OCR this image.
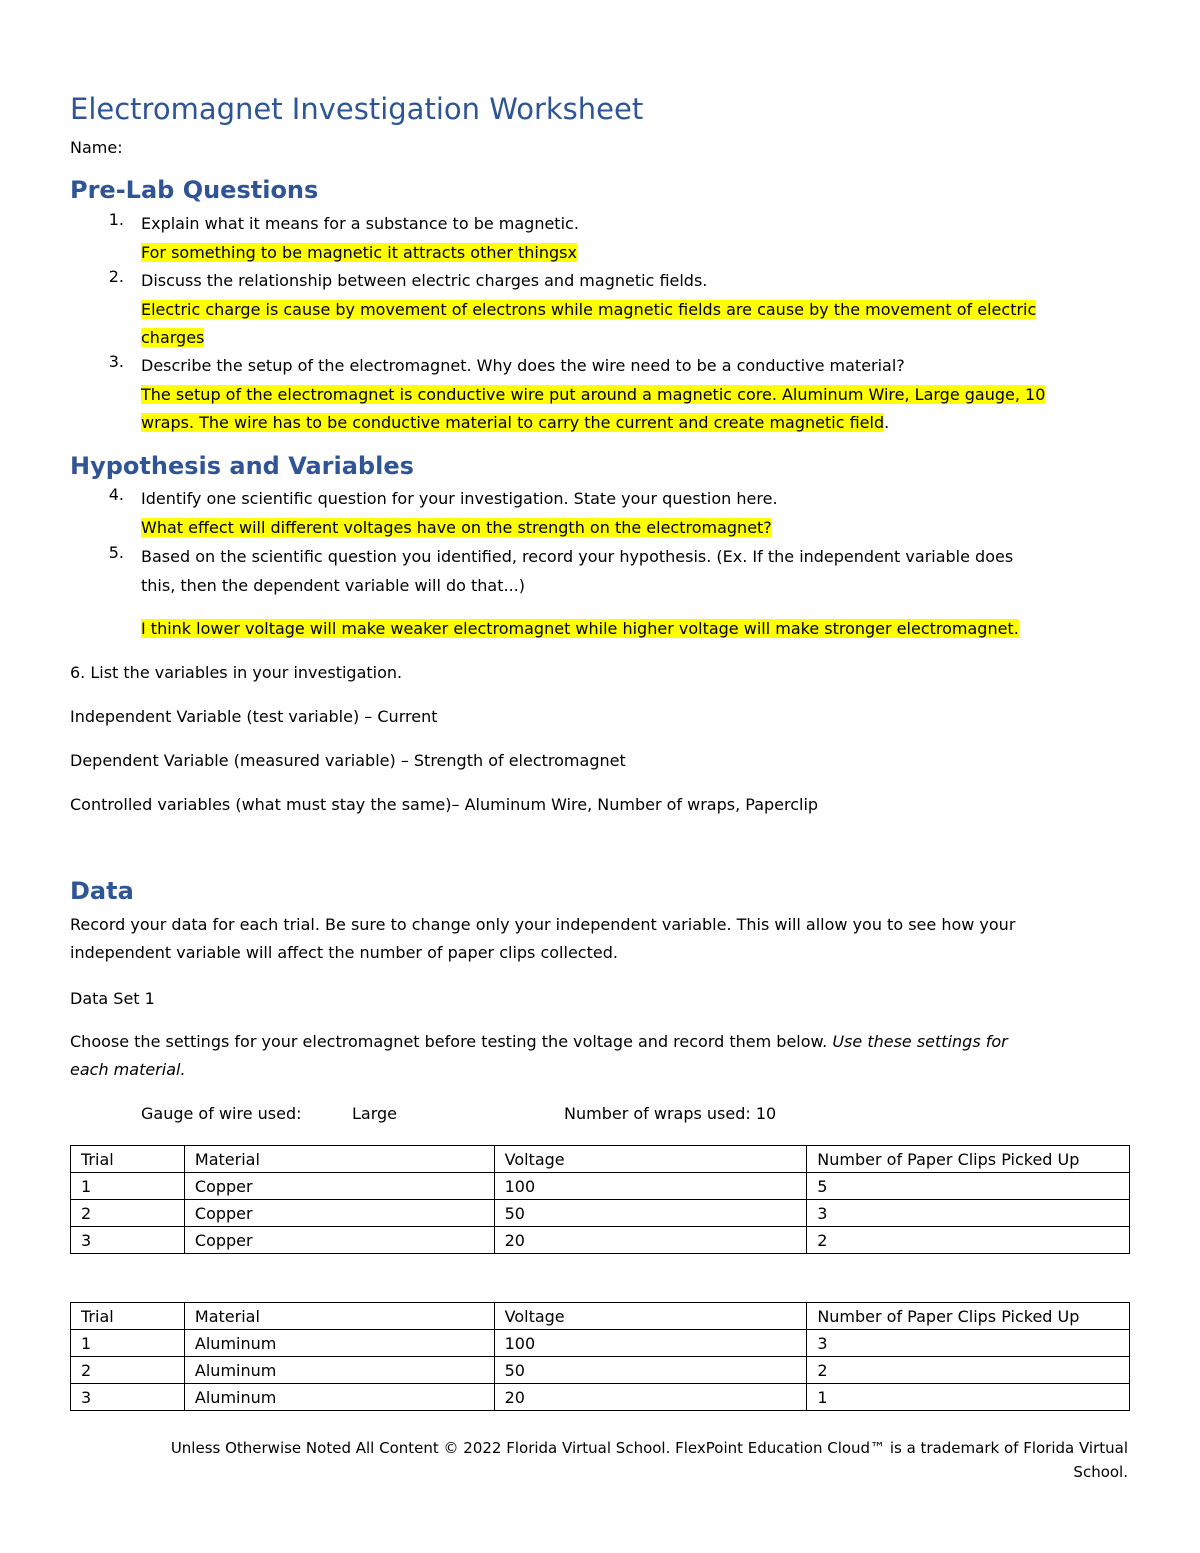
Electromagnet Investigation Worksheet
Name:
Pre-Lab Questions
1. Explain what it means for a substance to be magnetic.
For something to be magnetic it attracts other thingsx
2. Discuss the relationship between electric charges and magnetic fields.
Electric charge is cause by movement of electrons while magnetic fields are cause by the movement of electric
charges
3. Describe the setup of the electromagnet. Why does the wire need to be a conductive material?
The setup of the electromagnet is conductive wire put around a magnetic core. Aluminum Wire, Large gauge, 10
wraps. The wire has to be conductive material to carry the current and create magnetic field.
Hypothesis and Variables
4. Identify one scientific question for your investigation. State your question here.
What effect will different voltages have on the strength on the electromagnet?
5. Based on the scientific question you identified, record your hypothesis. (Ex. If the independent variable does
this, then the dependent variable will do that...)
I think lower voltage will make weaker electromagnet while higher voltage will make stronger electromagnet.
6. List the variables in your investigation.
Independent Variable (test variable) – Current
Dependent Variable (measured variable) – Strength of electromagnet
Controlled variables (what must stay the same)– Aluminum Wire, Number of wraps, Paperclip
Data
Record your data for each trial. Be sure to change only your independent variable. This will allow you to see how your
independent variable will affect the number of paper clips collected.
Data Set 1
Choose the settings for your electromagnet before testing the voltage and record them below. Use these settings for
each material.
Gauge of wire used:	Large	Number of wraps used: 10
Trial	Material	Voltage	Number of Paper Clips Picked Up
1	Copper	100	5
2	Copper	50	3
3	Copper	20	2
Trial	Material	Voltage	Number of Paper Clips Picked Up
1	Aluminum	100	3
2	Aluminum	50	2
3	Aluminum	20	1
Unless Otherwise Noted All Content © 2022 Florida Virtual School. FlexPoint Education Cloud™ is a trademark of Florida Virtual
School.
